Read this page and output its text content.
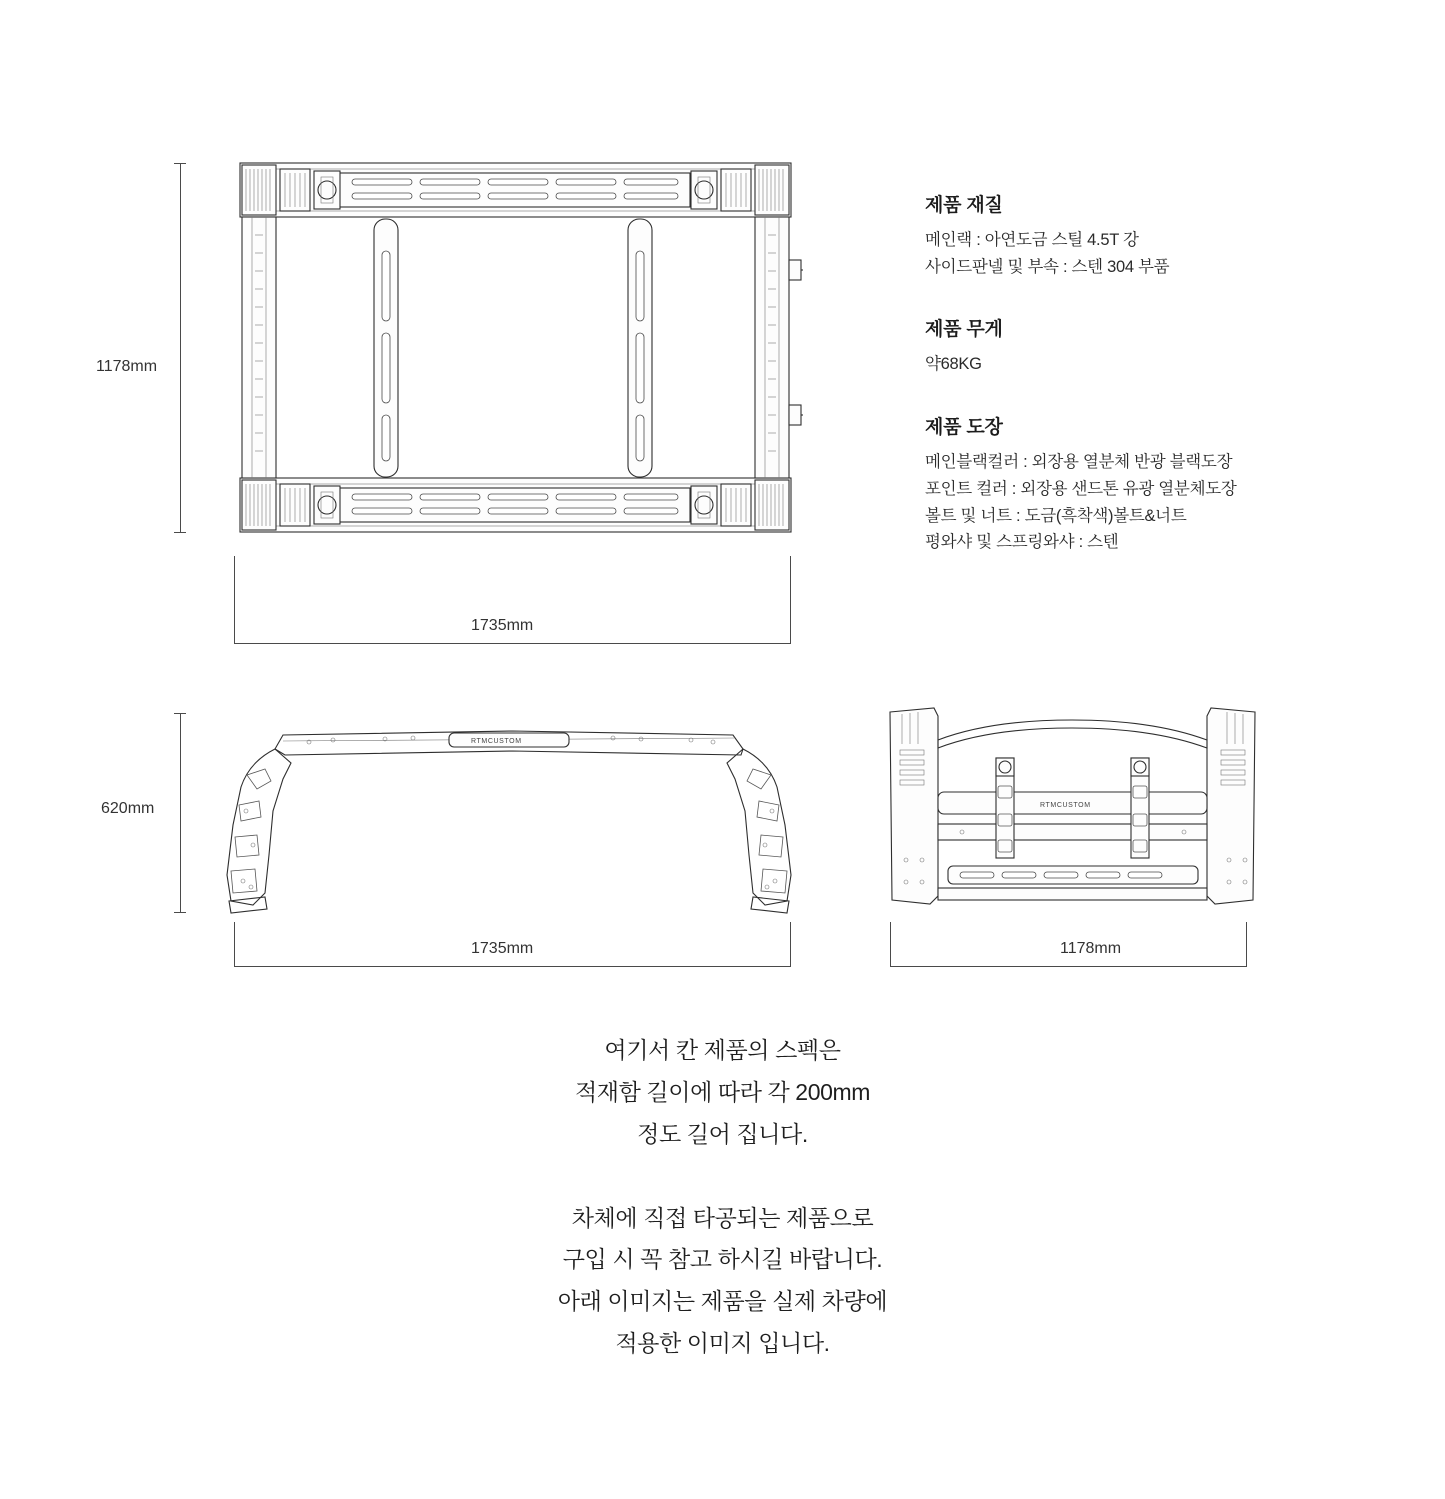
1178mm
1735mm
RTMCUSTOM
620mm
1735mm
RTMCUSTOM
1178mm
제품 재질
메인랙 : 아연도금 스틸 4.5T 강
사이드판넬 및 부속 : 스텐 304 부품
제품 무게
약68KG
제품 도장
메인블랙컬러 : 외장용 열분체 반광 블랙도장
포인트 컬러 : 외장용 샌드톤 유광 열분체도장
볼트 및 너트 : 도금(흑착색)볼트&너트
평와샤 및 스프링와샤 : 스텐
여기서 칸 제품의 스펙은
적재함 길이에 따라 각 200mm
정도 길어 집니다.
차체에 직접 타공되는 제품으로
구입 시 꼭 참고 하시길 바랍니다.
아래 이미지는 제품을 실제 차량에
적용한 이미지 입니다.
